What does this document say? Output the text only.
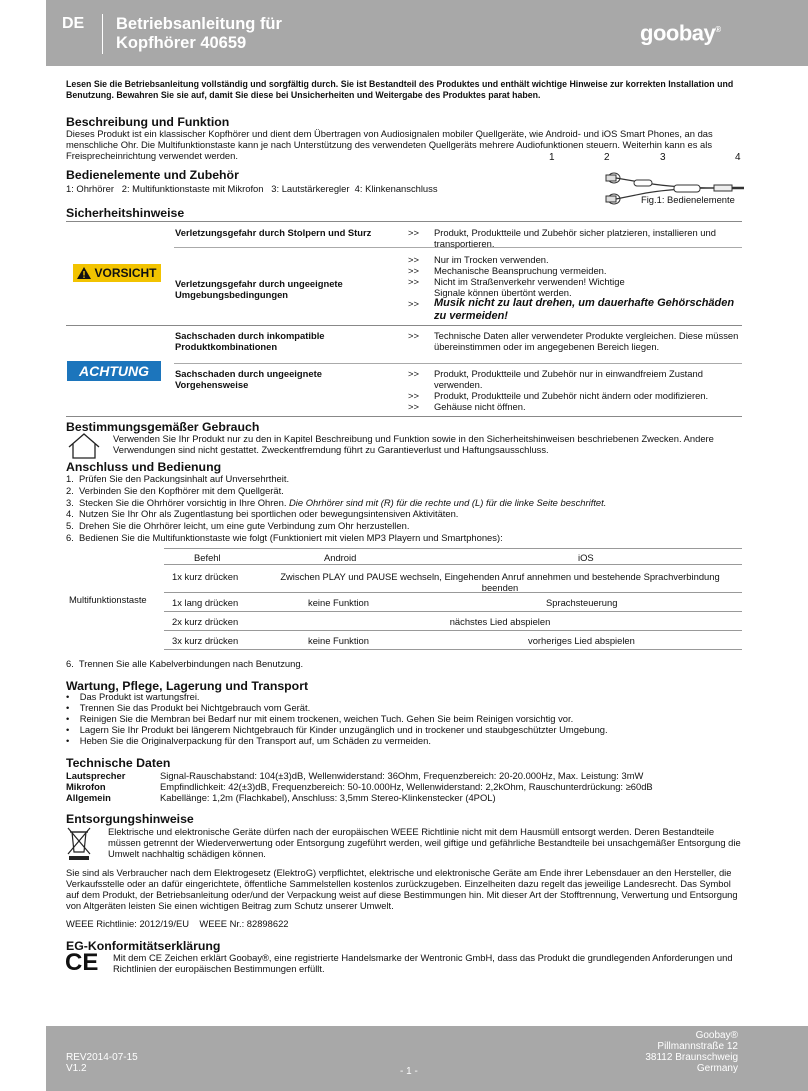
DE Betriebsanleitung für
Kopfhörer 40659	goobay®

Lesen Sie die Betriebsanleitung vollständig und sorgfältig durch. Sie ist Bestandteil des Produktes und enthält wichtige Hinweise zur korrekten Installation und Benutzung. Bewahren Sie sie auf, damit Sie diese bei Unsicherheiten und Weitergabe des Produktes parat haben.

Beschreibung und Funktion

Dieses Produkt ist ein klassischer Kopfhörer und dient dem Übertragen von Audiosignalen mobiler Quellgeräte, wie Android- und iOS Smart Phones, an das menschliche Ohr. Die Multifunktionstaste kann je nach Unterstützung des verwendeten Quellgeräts mehrere Audiofunktionen steuern. Weiterhin kann es als Freisprecheinrichtung verwendet werden.

Bedienelemente und Zubehör

1: Ohrhörer   2: Multifunktionstaste mit Mikrofon   3: Lautstärkeregler  4: Klinkenanschluss

1	2	3	4
Fig.1: Bedienelemente
Sicherheitshinweise
VORSICHT
ACHTUNG
Verletzungsgefahr durch Stolpern und Sturz	>> Produkt, Produktteile und Zubehör sicher platzieren, installieren und transportieren.
Verletzungsgefahr durch ungeeignete Umgebungsbedingungen
>> Nur im Trocken verwenden.
>> Mechanische Beanspruchung vermeiden.
>> Nicht im Straßenverkehr verwenden! Wichtige Signale können übertönt werden.
>> Musik nicht zu laut drehen, um dauerhafte Gehörschäden zu vermeiden!
Sachschaden durch inkompatible Produktkombinationen
>> Technische Daten aller verwendeter Produkte vergleichen. Diese müssen übereinstimmen oder im angegebenen Bereich liegen.
Sachschaden durch ungeeignete Vorgehensweise
>> Produkt, Produktteile und Zubehör nur in einwandfreiem Zustand verwenden.
>> Produkt, Produktteile und Zubehör nicht ändern oder modifizieren.
>> Gehäuse nicht öffnen.
Bestimmungsgemäßer Gebrauch

Verwenden Sie Ihr Produkt nur zu den in Kapitel Beschreibung und Funktion sowie in den Sicherheitshinweisen beschriebenen Zwecken. Andere Verwendungen sind nicht gestattet. Zweckentfremdung führt zu Garantieverlust und Haftungsausschluss.

Anschluss und Bedienung
1.  Prüfen Sie den Packungsinhalt auf Unversehrtheit.
2.  Verbinden Sie den Kopfhörer mit dem Quellgerät.
3.  Stecken Sie die Ohrhörer vorsichtig in Ihre Ohren. Die Ohrhörer sind mit (R) für die rechte und (L) für die linke Seite beschriftet.
4.  Nutzen Sie Ihr Ohr als Zugentlastung bei sportlichen oder bewegungsintensiven Aktivitäten.
5.  Drehen Sie die Ohrhörer leicht, um eine gute Verbindung zum Ohr herzustellen.
6.  Bedienen Sie die Multifunktionstaste wie folgt (Funktioniert mit vielen MP3 Playern und Smartphones):
Befehl	Android	iOS
Multifunktionstaste
1x kurz drücken	Zwischen PLAY und PAUSE wechseln, Eingehenden Anruf annehmen und bestehende Sprachverbindung beenden
1x lang drücken	keine Funktion	Sprachsteuerung
2x kurz drücken	nächstes Lied abspielen
3x kurz drücken	keine Funktion	vorheriges Lied abspielen
6.  Trennen Sie alle Kabelverbindungen nach Benutzung.
Wartung, Pflege, Lagerung und Transport
•    Das Produkt ist wartungsfrei.
•    Trennen Sie das Produkt bei Nichtgebrauch vom Gerät.
•    Reinigen Sie die Membran bei Bedarf nur mit einem trockenen, weichen Tuch. Gehen Sie beim Reinigen vorsichtig vor.
•    Lagern Sie Ihr Produkt bei längerem Nichtgebrauch für Kinder unzugänglich und in trockener und staubgeschützter Umgebung.
•    Heben Sie die Originalverpackung für den Transport auf, um Schäden zu vermeiden.
Technische Daten
Lautsprecher	Signal-Rauschabstand: 104(±3)dB, Wellenwiderstand: 36Ohm, Frequenzbereich: 20-20.000Hz, Max. Leistung: 3mW
Mikrofon	Empfindlichkeit: 42(±3)dB, Frequenzbereich: 50-10.000Hz, Wellenwiderstand: 2,2kOhm, Rauschunterdrückung: ≥60dB
Allgemein	Kabellänge: 1,2m (Flachkabel), Anschluss: 3,5mm Stereo-Klinkenstecker (4POL)
Entsorgungshinweise

Elektrische und elektronische Geräte dürfen nach der europäischen WEEE Richtlinie nicht mit dem Hausmüll entsorgt werden. Deren Bestandteile müssen getrennt der Wiederverwertung oder Entsorgung zugeführt werden, weil giftige und gefährliche Bestandteile bei unsachgemäßer Entsorgung die Umwelt nachhaltig schädigen können.

Sie sind als Verbraucher nach dem Elektrogesetz (ElektroG) verpflichtet, elektrische und elektronische Geräte am Ende ihrer Lebensdauer an den Hersteller, die Verkaufsstelle oder an dafür eingerichtete, öffentliche Sammelstellen kostenlos zurückzugeben. Einzelheiten dazu regelt das jeweilige Landesrecht. Das Symbol auf dem Produkt, der Betriebsanleitung oder/und der Verpackung weist auf diese Bestimmungen hin. Mit dieser Art der Stofftrennung, Verwertung und Entsorgung von Altgeräten leisten Sie einen wichtigen Beitrag zum Schutz unserer Umwelt.

WEEE Richtlinie: 2012/19/EU    WEEE Nr.: 82898622
EG-Konformitätserklärung
CE Mit dem CE Zeichen erklärt Goobay®, eine registrierte Handelsmarke der Wentronic GmbH, dass das Produkt die grundlegenden Anforderungen und Richtlinien der europäischen Bestimmungen erfüllt.

REV2014-07-15
V1.2	- 1 -
Goobay®
Pillmannstraße 12
38112 Braunschweig
Germany
